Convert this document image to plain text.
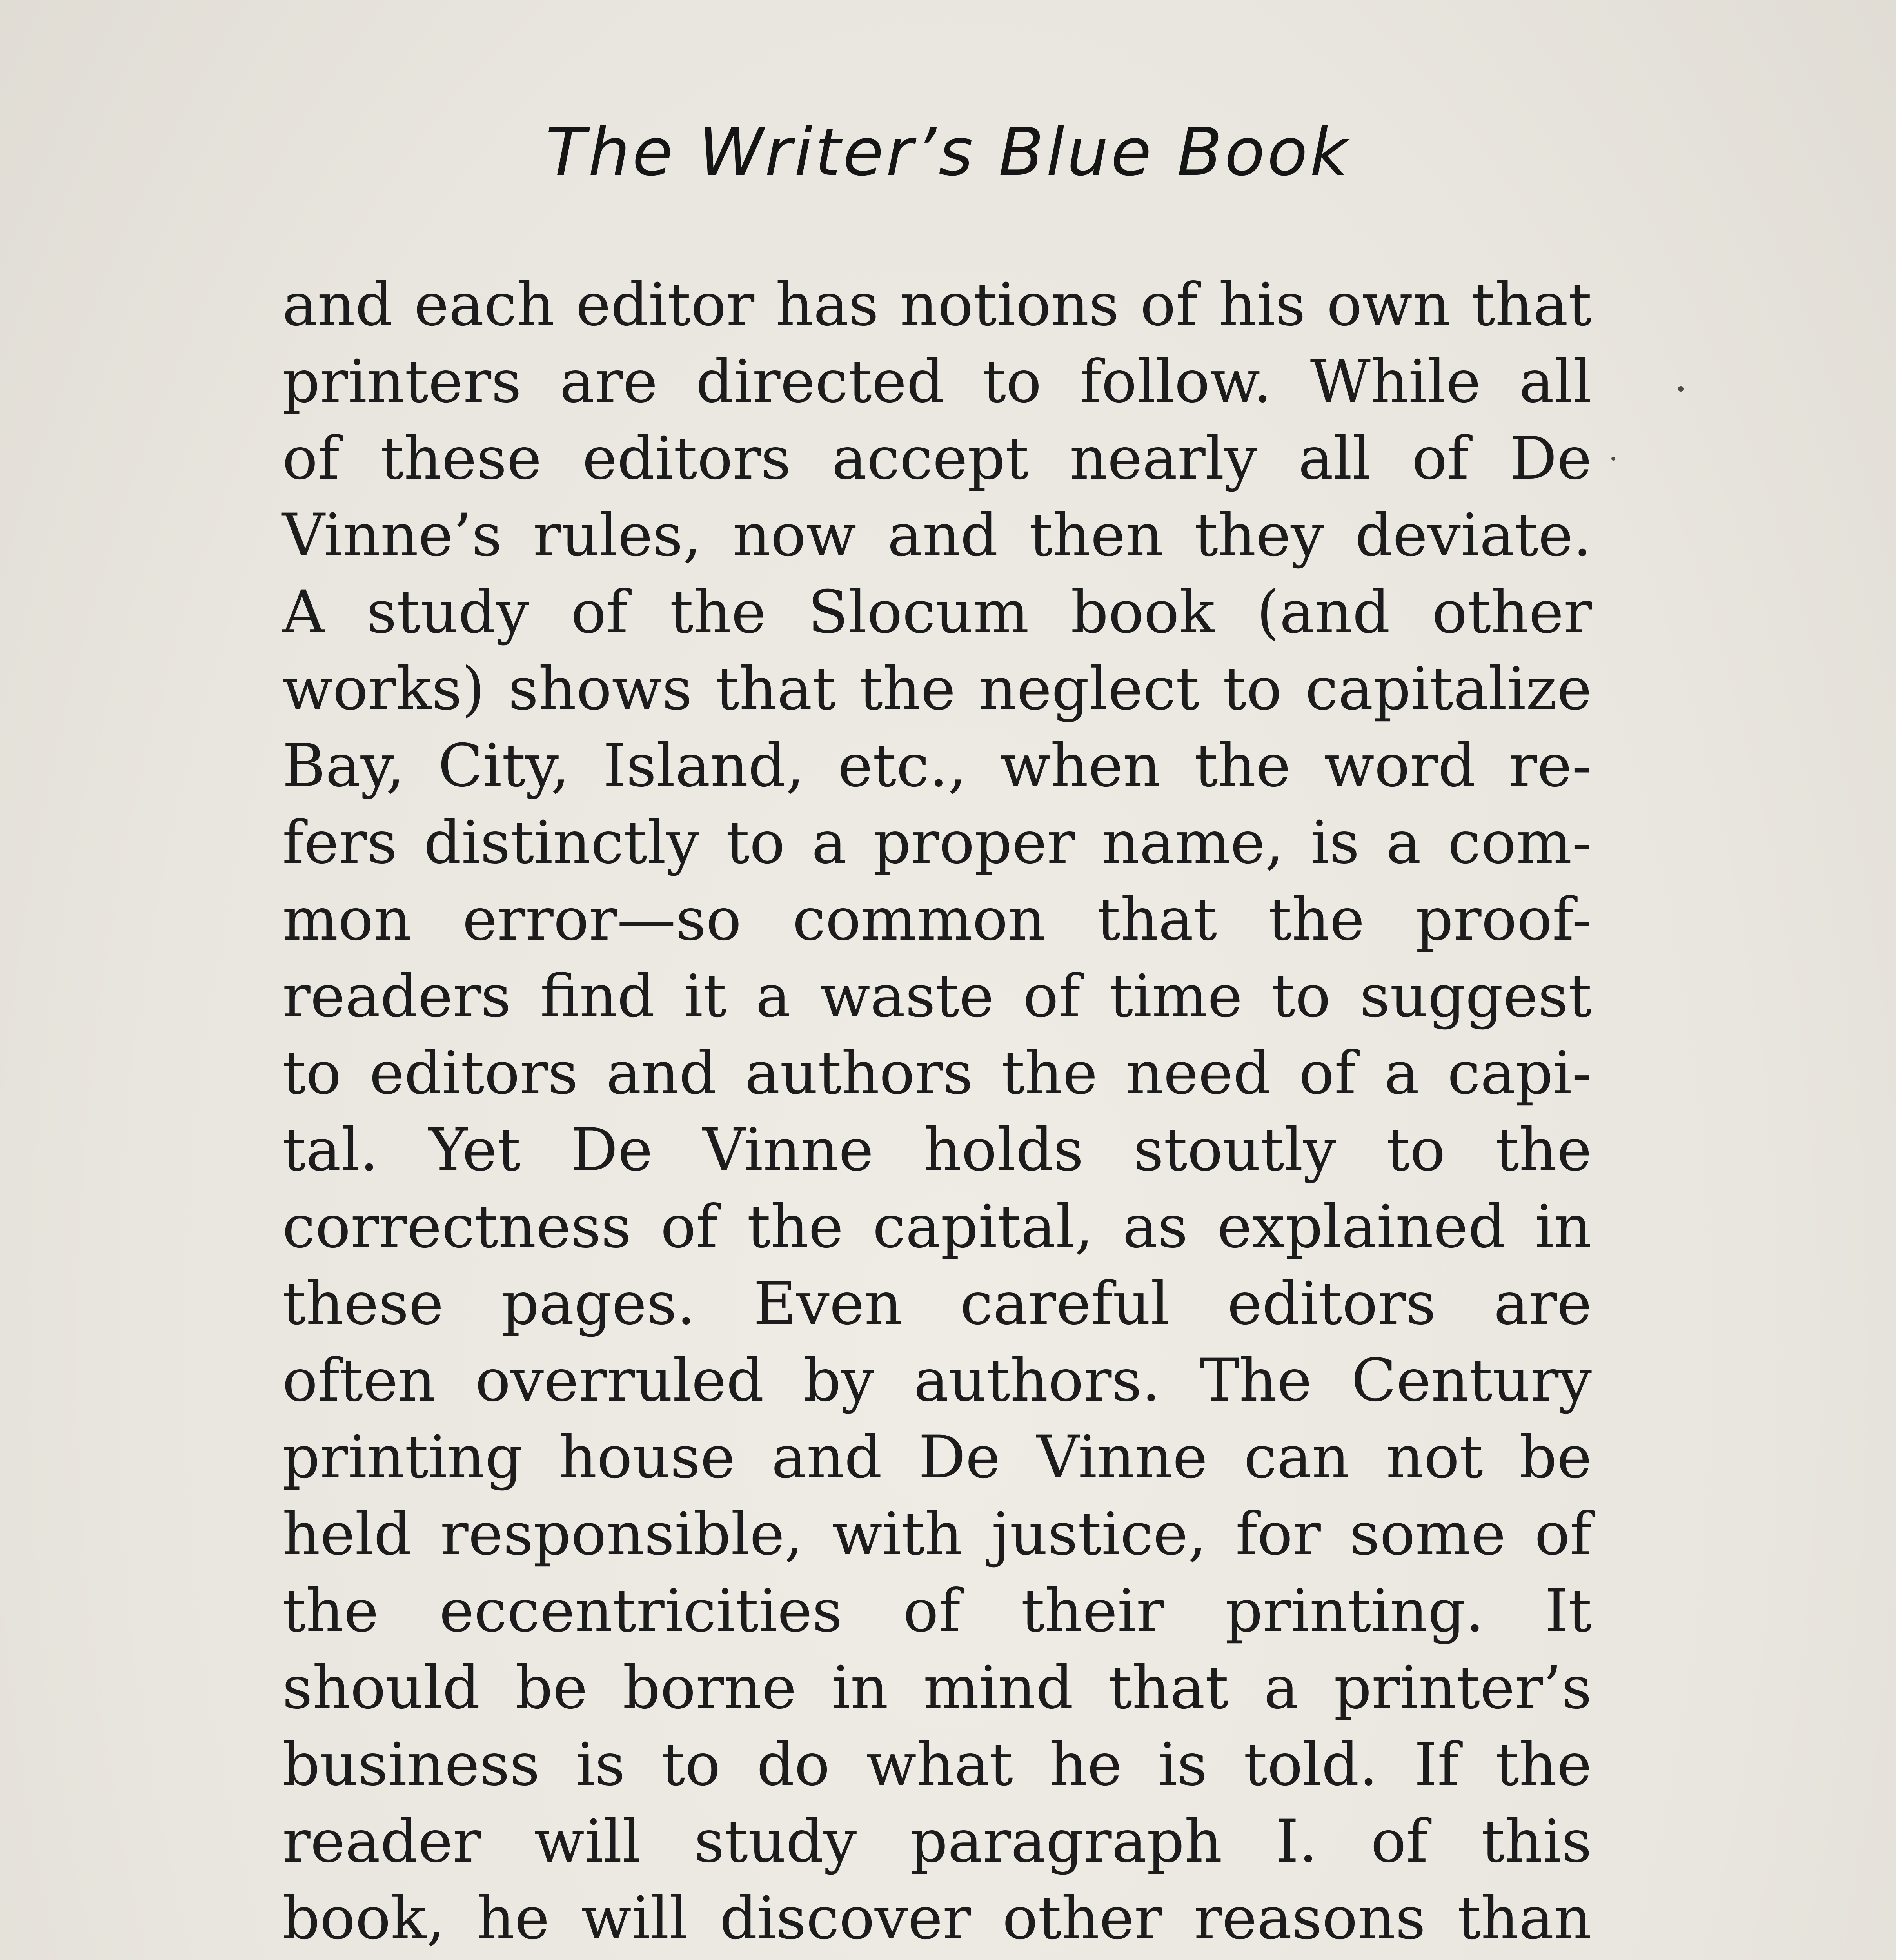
The Writer’s Blue Book
and each editor has notions of his own that
printers are directed to follow. While all
of these editors accept nearly all of De
Vinne’s rules, now and then they deviate.
A study of the Slocum book (and other
works) shows that the neglect to capitalize
Bay, City, Island, etc., when the word re-
fers distinctly to a proper name, is a com-
mon error—so common that the proof-
readers find it a waste of time to suggest
to editors and authors the need of a capi-
tal. Yet De Vinne holds stoutly to the
correctness of the capital, as explained in
these pages. Even careful editors are
often overruled by authors. The Century
printing house and De Vinne can not be
held responsible, with justice, for some of
the eccentricities of their printing. It
should be borne in mind that a printer’s
business is to do what he is told. If the
reader will study paragraph I. of this
book, he will discover other reasons than
